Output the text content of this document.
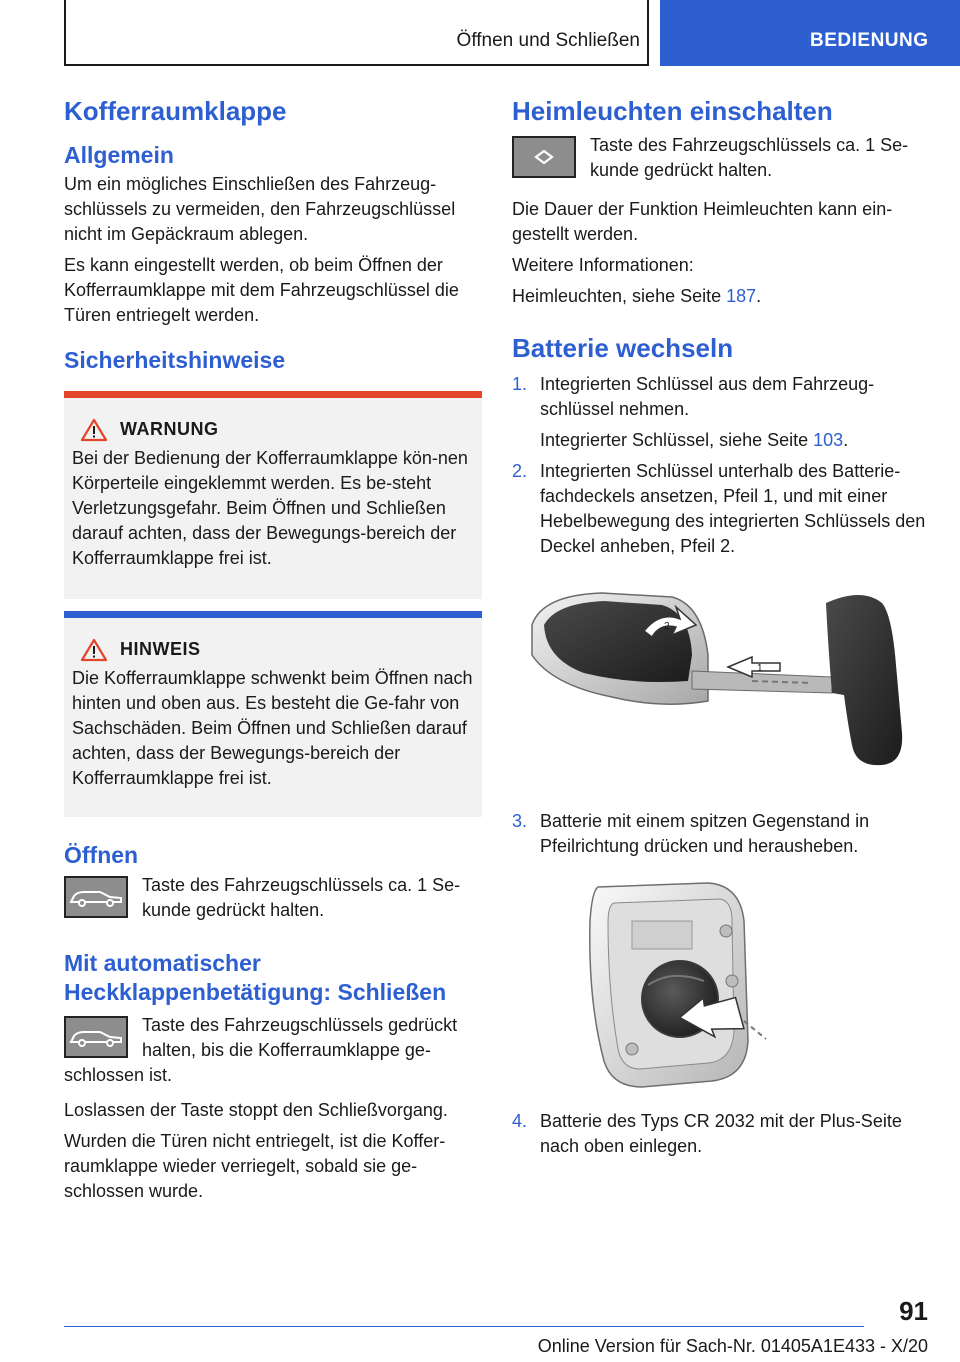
Öffnen und Schließen	BEDIENUNG
Kofferraumklappe
Allgemein

Um ein mögliches Einschließen des Fahrzeug-schlüssels zu vermeiden, den Fahrzeugschlüssel nicht im Gepäckraum ablegen.

Es kann eingestellt werden, ob beim Öffnen der Kofferraumklappe mit dem Fahrzeugschlüssel die Türen entriegelt werden.

Sicherheitshinweise
WARNUNG

Bei der Bedienung der Kofferraumklappe kön-nen Körperteile eingeklemmt werden. Es be-steht Verletzungsgefahr. Beim Öffnen und Schließen darauf achten, dass der Bewegungs-bereich der Kofferraumklappe frei ist.

HINWEIS

Die Kofferraumklappe schwenkt beim Öffnen nach hinten und oben aus. Es besteht die Ge-fahr von Sachschäden. Beim Öffnen und Schließen darauf achten, dass der Bewegungs-bereich der Kofferraumklappe frei ist.

Öffnen

Taste des Fahrzeugschlüssels ca. 1 Se-kunde gedrückt halten.

Mit automatischer
Heckklappenbetätigung: Schließen

Taste des Fahrzeugschlüssels gedrückt halten, bis die Kofferraumklappe ge-

schlossen ist.

Loslassen der Taste stoppt den Schließvorgang.

Wurden die Türen nicht entriegelt, ist die Koffer-raumklappe wieder verriegelt, sobald sie ge-schlossen wurde.

Heimleuchten einschalten

Taste des Fahrzeugschlüssels ca. 1 Se-kunde gedrückt halten.

Die Dauer der Funktion Heimleuchten kann ein-gestellt werden.

Weitere Informationen:

Heimleuchten, siehe Seite 187.

Batterie wechseln
1. Integrierten Schlüssel aus dem Fahrzeug-schlüssel nehmen.

Integrierter Schlüssel, siehe Seite 103.

2. Integrierten Schlüssel unterhalb des Batterie-fachdeckels ansetzen, Pfeil 1, und mit einer Hebelbewegung des integrierten Schlüssels den Deckel anheben, Pfeil 2.

1
2
3. Batterie mit einem spitzen Gegenstand in Pfeilrichtung drücken und herausheben.

4. Batterie des Typs CR 2032 mit der Plus-Seite nach oben einlegen.

91
Online Version für Sach-Nr. 01405A1E433 - X/20
